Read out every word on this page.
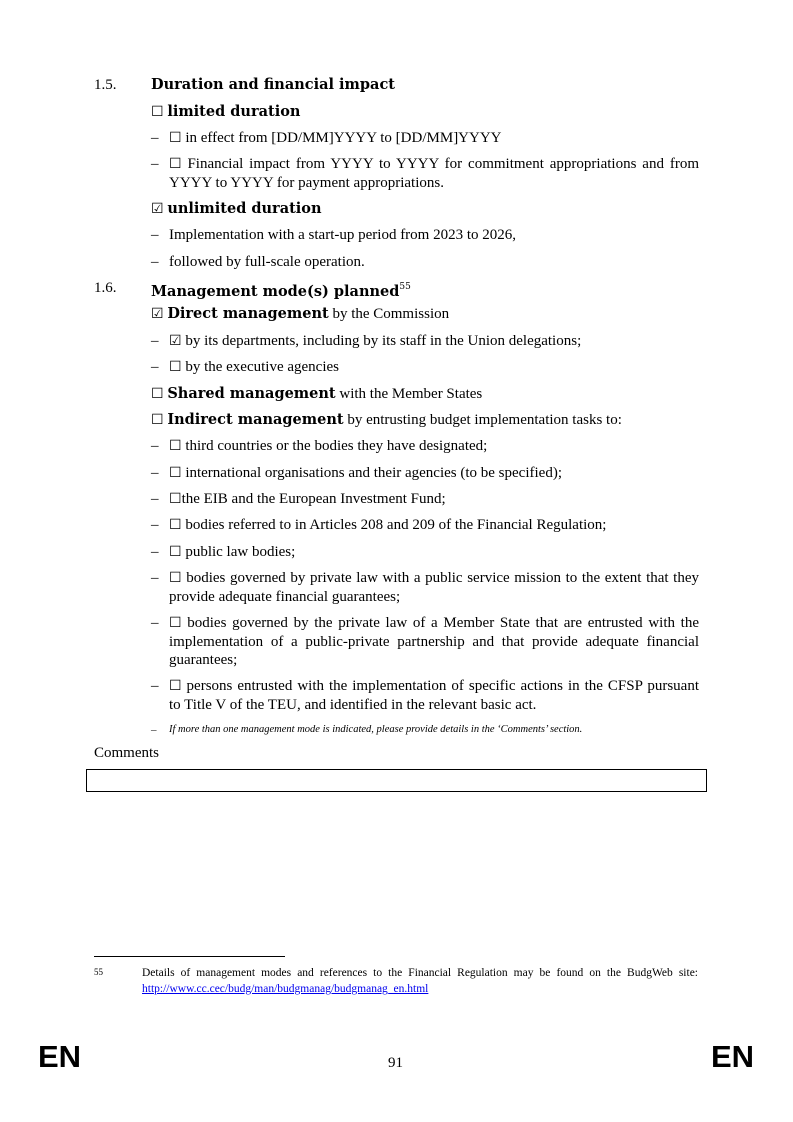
1.5. Duration and financial impact
☐ limited duration
– ☐ in effect from [DD/MM]YYYY to [DD/MM]YYYY
– ☐ Financial impact from YYYY to YYYY for commitment appropriations and from YYYY to YYYY for payment appropriations.
☑ unlimited duration
– Implementation with a start-up period from 2023 to 2026,
– followed by full-scale operation.
1.6. Management mode(s) planned$^{55}$
☑ Direct management by the Commission
– ☑ by its departments, including by its staff in the Union delegations;
– ☐ by the executive agencies
☐ Shared management with the Member States
☐ Indirect management by entrusting budget implementation tasks to:
– ☐ third countries or the bodies they have designated;
– ☐ international organisations and their agencies (to be specified);
– ☐the EIB and the European Investment Fund;
– ☐ bodies referred to in Articles 208 and 209 of the Financial Regulation;
– ☐ public law bodies;
– ☐ bodies governed by private law with a public service mission to the extent that they provide adequate financial guarantees;
– ☐ bodies governed by the private law of a Member State that are entrusted with the implementation of a public-private partnership and that provide adequate financial guarantees;
– ☐ persons entrusted with the implementation of specific actions in the CFSP pursuant to Title V of the TEU, and identified in the relevant basic act.
– If more than one management mode is indicated, please provide details in the ‘Comments’ section.
Comments
55	Details of management modes and references to the Financial Regulation may be found on the BudgWeb site: http://www.cc.cec/budg/man/budgmanag/budgmanag_en.html
EN	91	EN
